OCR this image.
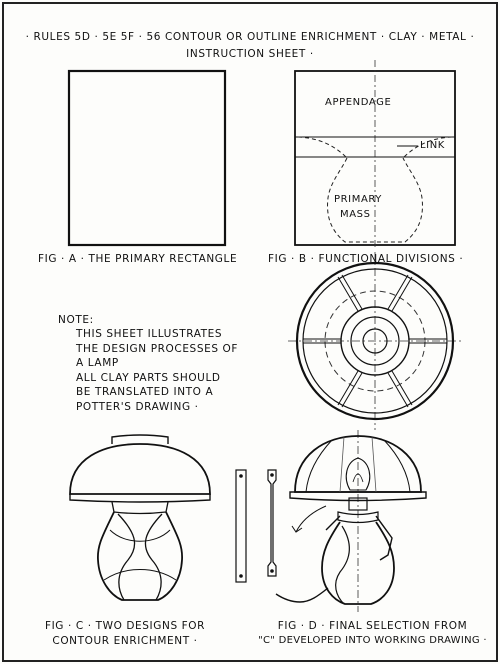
· RULES 5D · 5E 5F · 56 CONTOUR OR OUTLINE ENRICHMENT · CLAY · METAL ·
INSTRUCTION SHEET ·
APPENDAGE
LINK
PRIMARY
MASS
FIG · A · THE PRIMARY RECTANGLE	FIG · B · FUNCTIONAL DIVISIONS ·
NOTE:
THIS SHEET ILLUSTRATES
THE DESIGN PROCESSES OF
A LAMP
ALL CLAY PARTS SHOULD
BE TRANSLATED INTO A
POTTER'S DRAWING ·
FIG · C · TWO DESIGNS FOR
CONTOUR ENRICHMENT ·
FIG · D · FINAL SELECTION FROM
"C" DEVELOPED INTO WORKING DRAWING ·
